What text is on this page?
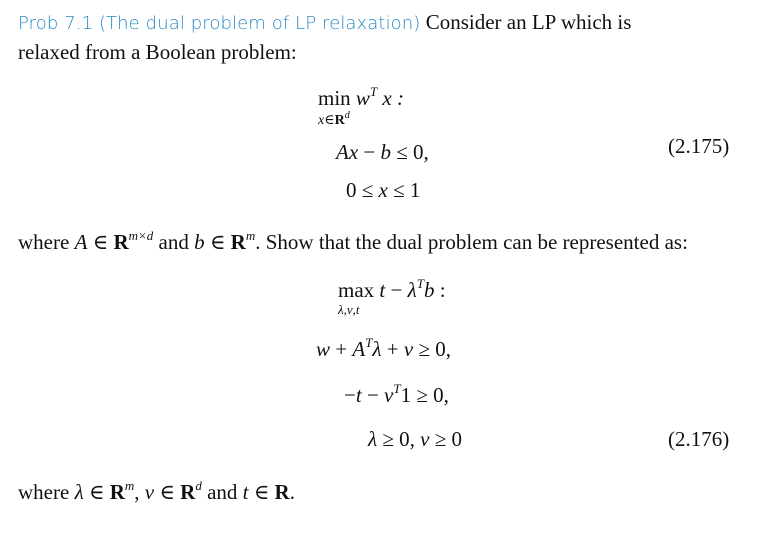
Prob 7.1 (The dual problem of LP relaxation) Consider an LP which is
relaxed from a Boolean problem:
$\min w^T$ x :
$x\in R^d$
Ax − b ≤ 0,
0 ≤ x ≤ 1
(2.175)
where A ∈ $R^{m\times d}$ and b ∈ $R^m$. Show that the dual problem can be represented as:
$\max t - \lambda^Tb$ :
λ,ν,t
$w + A^T\lambda + \nu \ge 0$,
$-t - \nu^T1 \ge 0$,
λ ≥ 0, ν ≥ 0	(2.176)
where λ ∈ $R^m$, ν ∈ $R^d$ and t ∈ R.
